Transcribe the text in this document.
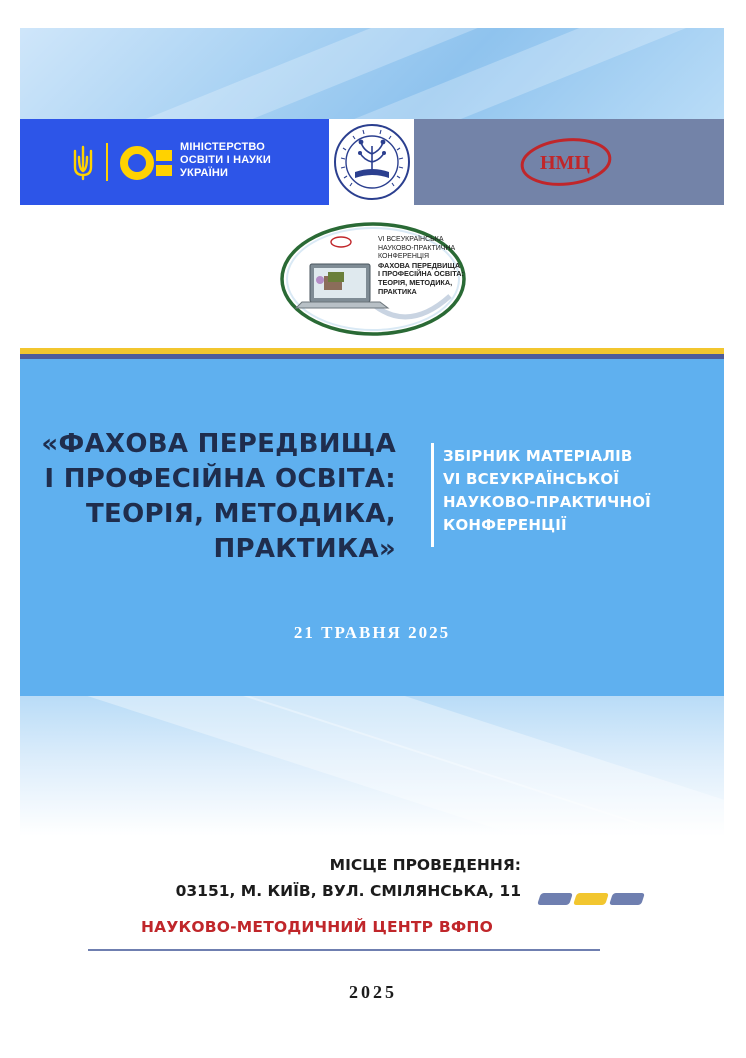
МІНІСТЕРСТВО
ОСВІТИ І НАУКИ
УКРАЇНИ	НМЦ
VI ВСЕУКРАЇНСЬКА
НАУКОВО-ПРАКТИЧНА
КОНФЕРЕНЦІЯ
ФАХОВА ПЕРЕДВИЩА
І ПРОФЕСІЙНА ОСВІТА:
ТЕОРІЯ, МЕТОДИКА,
ПРАКТИКА
«ФАХОВА ПЕРЕДВИЩА
І ПРОФЕСІЙНА ОСВІТА:
ТЕОРІЯ, МЕТОДИКА,
ПРАКТИКА»
ЗБІРНИК МАТЕРІАЛІВ
VI ВСЕУКРАЇНСЬКОЇ
НАУКОВО-ПРАКТИЧНОЇ
КОНФЕРЕНЦІЇ
21 ТРАВНЯ 2025
МІСЦЕ ПРОВЕДЕННЯ:
03151, М. КИЇВ, ВУЛ. СМІЛЯНСЬКА, 11
НАУКОВО-МЕТОДИЧНИЙ ЦЕНТР ВФПО
2025
